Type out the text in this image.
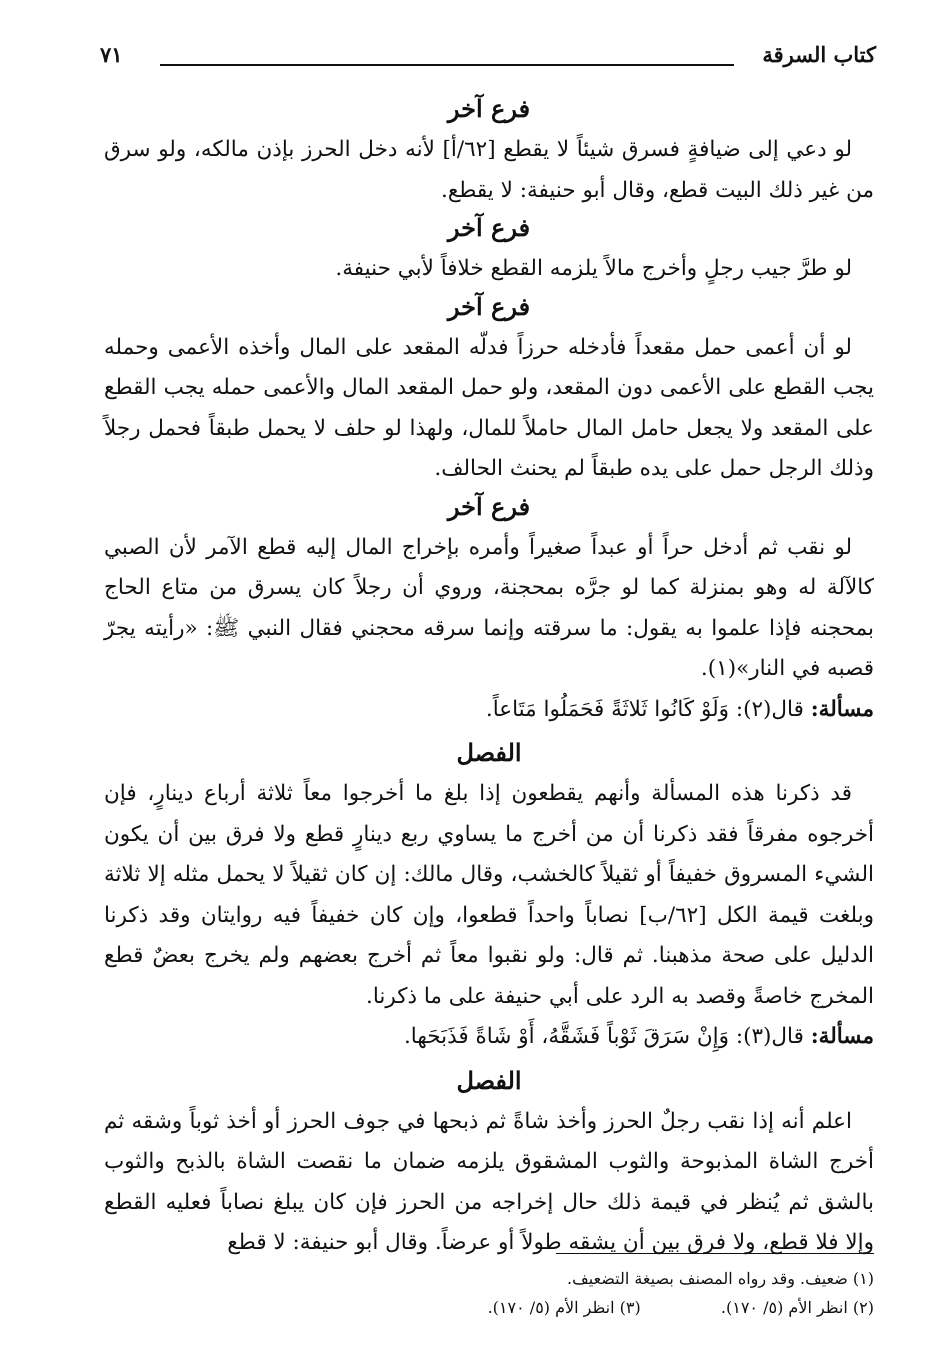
كتاب السرقة
٧١
فرع آخر

لو دعي إلى ضيافةٍ فسرق شيئاً لا يقطع [٦٢/أ] لأنه دخل الحرز بإذن مالكه، ولو سرق من غير ذلك البيت قطع، وقال أبو حنيفة: لا يقطع.

فرع آخر

لو طرَّ جيب رجلٍ وأخرج مالاً يلزمه القطع خلافاً لأبي حنيفة.

فرع آخر

لو أن أعمى حمل مقعداً فأدخله حرزاً فدلّه المقعد على المال وأخذه الأعمى وحمله يجب القطع على الأعمى دون المقعد، ولو حمل المقعد المال والأعمى حمله يجب القطع على المقعد ولا يجعل حامل المال حاملاً للمال، ولهذا لو حلف لا يحمل طبقاً فحمل رجلاً وذلك الرجل حمل على يده طبقاً لم يحنث الحالف.

فرع آخر

لو نقب ثم أدخل حراً أو عبداً صغيراً وأمره بإخراج المال إليه قطع الآمر لأن الصبي كالآلة له وهو بمنزلة كما لو جرَّه بمحجنة، وروي أن رجلاً كان يسرق من متاع الحاج بمحجنه فإذا علموا به يقول: ما سرقته وإنما سرقه محجني فقال النبي ﷺ: «رأيته يجرّ قصبه في النار»(١).

مسألة: قال(٢): وَلَوْ كَانُوا ثَلاثَةً فَحَمَلُوا مَتَاعاً.

الفصل

قد ذكرنا هذه المسألة وأنهم يقطعون إذا بلغ ما أخرجوا معاً ثلاثة أرباع دينارٍ، فإن أخرجوه مفرقاً فقد ذكرنا أن من أخرج ما يساوي ربع دينارٍ قطع ولا فرق بين أن يكون الشيء المسروق خفيفاً أو ثقيلاً كالخشب، وقال مالك: إن كان ثقيلاً لا يحمل مثله إلا ثلاثة وبلغت قيمة الكل [٦٢/ب] نصاباً واحداً قطعوا، وإن كان خفيفاً فيه روايتان وقد ذكرنا الدليل على صحة مذهبنا. ثم قال: ولو نقبوا معاً ثم أخرج بعضهم ولم يخرج بعضٌ قطع المخرج خاصةً وقصد به الرد على أبي حنيفة على ما ذكرنا.

مسألة: قال(٣): وَإِنْ سَرَقَ ثَوْباً فَشَقَّهُ، أَوْ شَاةً فَذَبَحَها.

الفصل

اعلم أنه إذا نقب رجلٌ الحرز وأخذ شاةً ثم ذبحها في جوف الحرز أو أخذ ثوباً وشقه ثم أخرج الشاة المذبوحة والثوب المشقوق يلزمه ضمان ما نقصت الشاة بالذبح والثوب بالشق ثم يُنظر في قيمة ذلك حال إخراجه من الحرز فإن كان يبلغ نصاباً فعليه القطع وإلا فلا قطع، ولا فرق بين أن يشقه طولاً أو عرضاً. وقال أبو حنيفة: لا قطع

(١) ضعيف. وقد رواه المصنف بصيغة التضعيف.
(٢) انظر الأم (٥/ ١٧٠).  (٣) انظر الأم (٥/ ١٧٠).
